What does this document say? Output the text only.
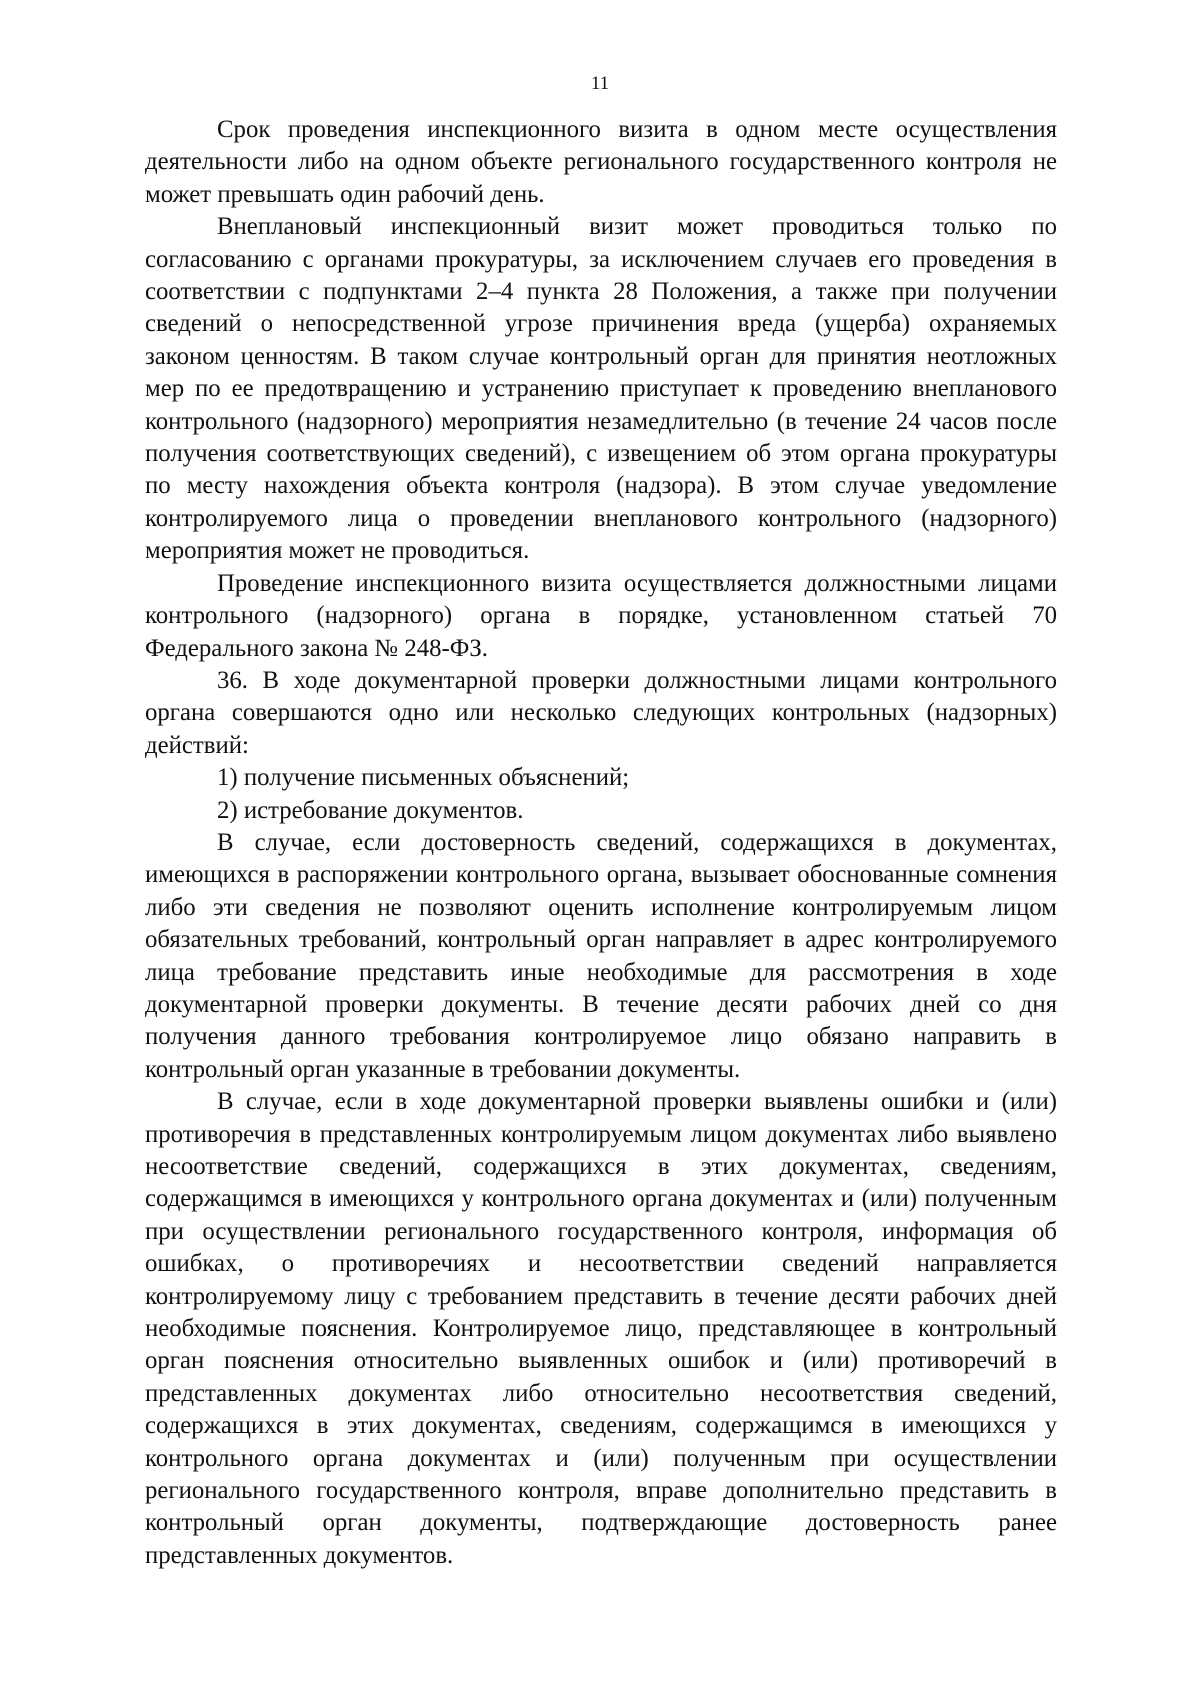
11

Срок проведения инспекционного визита в одном месте осуществления деятельности либо на одном объекте регионального государственного контроля не может превышать один рабочий день.

Внеплановый инспекционный визит может проводиться только по согласованию с органами прокуратуры, за исключением случаев его проведения в соответствии с подпунктами 2–4 пункта 28 Положения, а также при получении сведений о непосредственной угрозе причинения вреда (ущерба) охраняемых законом ценностям. В таком случае контрольный орган для принятия неотложных мер по ее предотвращению и устранению приступает к проведению внепланового контрольного (надзорного) мероприятия незамедлительно (в течение 24 часов после получения соответствующих сведений), с извещением об этом органа прокуратуры по месту нахождения объекта контроля (надзора). В этом случае уведомление контролируемого лица о проведении внепланового контрольного (надзорного) мероприятия может не проводиться.

Проведение инспекционного визита осуществляется должностными лицами контрольного (надзорного) органа в порядке, установленном статьей 70 Федерального закона № 248-ФЗ.

36. В ходе документарной проверки должностными лицами контрольного органа совершаются одно или несколько следующих контрольных (надзорных) действий:

1) получение письменных объяснений;

2) истребование документов.

В случае, если достоверность сведений, содержащихся в документах, имеющихся в распоряжении контрольного органа, вызывает обоснованные сомнения либо эти сведения не позволяют оценить исполнение контролируемым лицом обязательных требований, контрольный орган направляет в адрес контролируемого лица требование представить иные необходимые для рассмотрения в ходе документарной проверки документы. В течение десяти рабочих дней со дня получения данного требования контролируемое лицо обязано направить в контрольный орган указанные в требовании документы.

В случае, если в ходе документарной проверки выявлены ошибки и (или) противоречия в представленных контролируемым лицом документах либо выявлено несоответствие сведений, содержащихся в этих документах, сведениям, содержащимся в имеющихся у контрольного органа документах и (или) полученным при осуществлении регионального государственного контроля, информация об ошибках, о противоречиях и несоответствии сведений направляется контролируемому лицу с требованием представить в течение десяти рабочих дней необходимые пояснения. Контролируемое лицо, представляющее в контрольный орган пояснения относительно выявленных ошибок и (или) противоречий в представленных документах либо относительно несоответствия сведений, содержащихся в этих документах, сведениям, содержащимся в имеющихся у контрольного органа документах и (или) полученным при осуществлении регионального государственного контроля, вправе дополнительно представить в контрольный орган документы, подтверждающие достоверность ранее представленных документов.
